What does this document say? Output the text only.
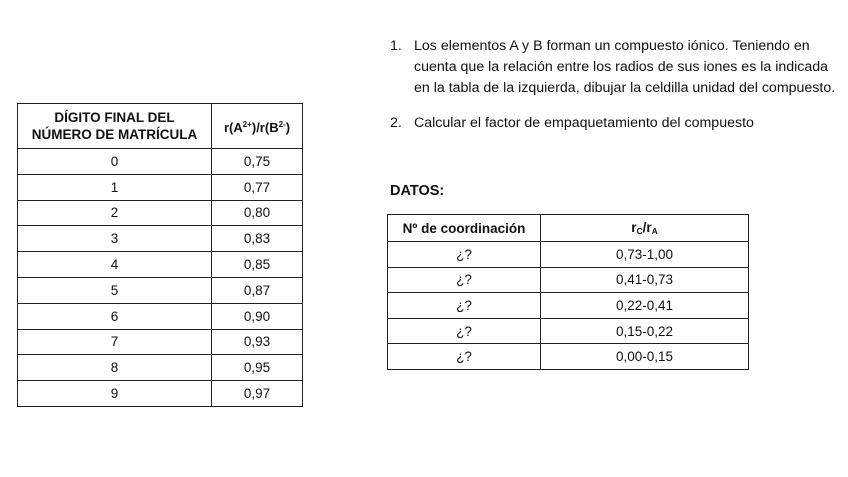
DÍGITO FINAL DEL
NÚMERO DE MATRÍCULA	$r(A^{2+})/r(B^{2-})$
0	0,75
1	0,77
2	0,80
3	0,83
4	0,85
5	0,87
6	0,90
7	0,93
8	0,95
9	0,97
1. Los elementos A y B forman un compuesto iónico. Teniendo en cuenta que la relación entre los radios de sus iones es la indicada en la tabla de la izquierda, dibujar la celdilla unidad del compuesto.
2. Calcular el factor de empaquetamiento del compuesto
DATOS:
Nº de coordinación	$r_C/r_A$
¿?	0,73-1,00
¿?	0,41-0,73
¿?	0,22-0,41
¿?	0,15-0,22
¿?	0,00-0,15
